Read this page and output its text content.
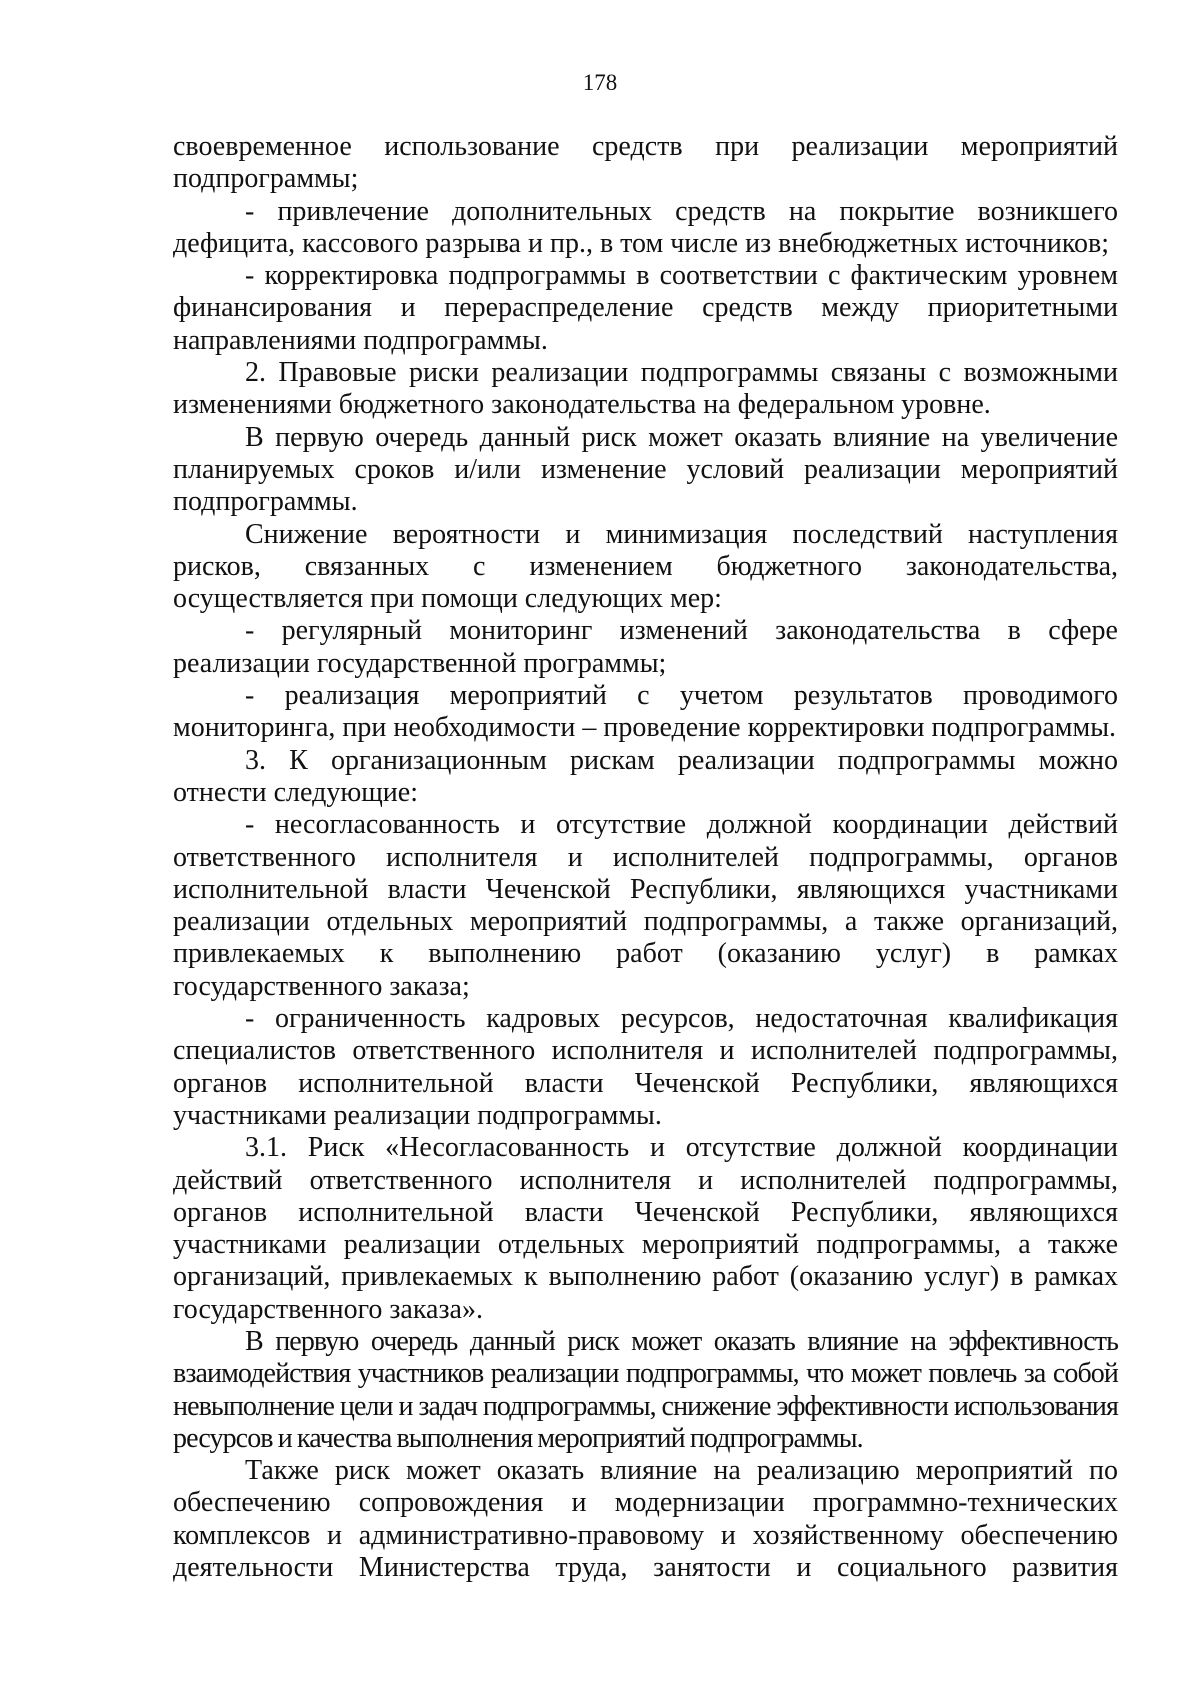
178

своевременное использование средств при реализации мероприятий подпрограммы;

- привлечение дополнительных средств на покрытие возникшего дефицита, кассового разрыва и пр., в том числе из внебюджетных источников;

- корректировка подпрограммы в соответствии с фактическим уровнем финансирования и перераспределение средств между приоритетными направлениями подпрограммы.

2. Правовые риски реализации подпрограммы связаны с возможными изменениями бюджетного законодательства на федеральном уровне.

В первую очередь данный риск может оказать влияние на увеличение планируемых сроков и/или изменение условий реализации мероприятий подпрограммы.

Снижение вероятности и минимизация последствий наступления рисков, связанных с изменением бюджетного законодательства, осуществляется при помощи следующих мер:

- регулярный мониторинг изменений законодательства в сфере реализации государственной программы;

- реализация мероприятий с учетом результатов проводимого мониторинга, при необходимости – проведение корректировки подпрограммы.

3. К организационным рискам реализации подпрограммы можно отнести следующие:

- несогласованность и отсутствие должной координации действий ответственного исполнителя и исполнителей подпрограммы, органов исполнительной власти Чеченской Республики, являющихся участниками реализации отдельных мероприятий подпрограммы, а также организаций, привлекаемых к выполнению работ (оказанию услуг) в рамках государственного заказа;

- ограниченность кадровых ресурсов, недостаточная квалификация специалистов ответственного исполнителя и исполнителей подпрограммы, органов исполнительной власти Чеченской Республики, являющихся участниками реализации подпрограммы.

3.1. Риск «Несогласованность и отсутствие должной координации действий ответственного исполнителя и исполнителей подпрограммы, органов исполнительной власти Чеченской Республики, являющихся участниками реализации отдельных мероприятий подпрограммы, а также организаций, привлекаемых к выполнению работ (оказанию услуг) в рамках государственного заказа».

В первую очередь данный риск может оказать влияние на эффективность взаимодействия участников реализации подпрограммы, что может повлечь за собой невыполнение цели и задач подпрограммы, снижение эффективности использования ресурсов и качества выполнения мероприятий подпрограммы.

Также риск может оказать влияние на реализацию мероприятий по обеспечению сопровождения и модернизации программно-технических комплексов и административно-правовому и хозяйственному обеспечению деятельности Министерства труда, занятости и социального развития
